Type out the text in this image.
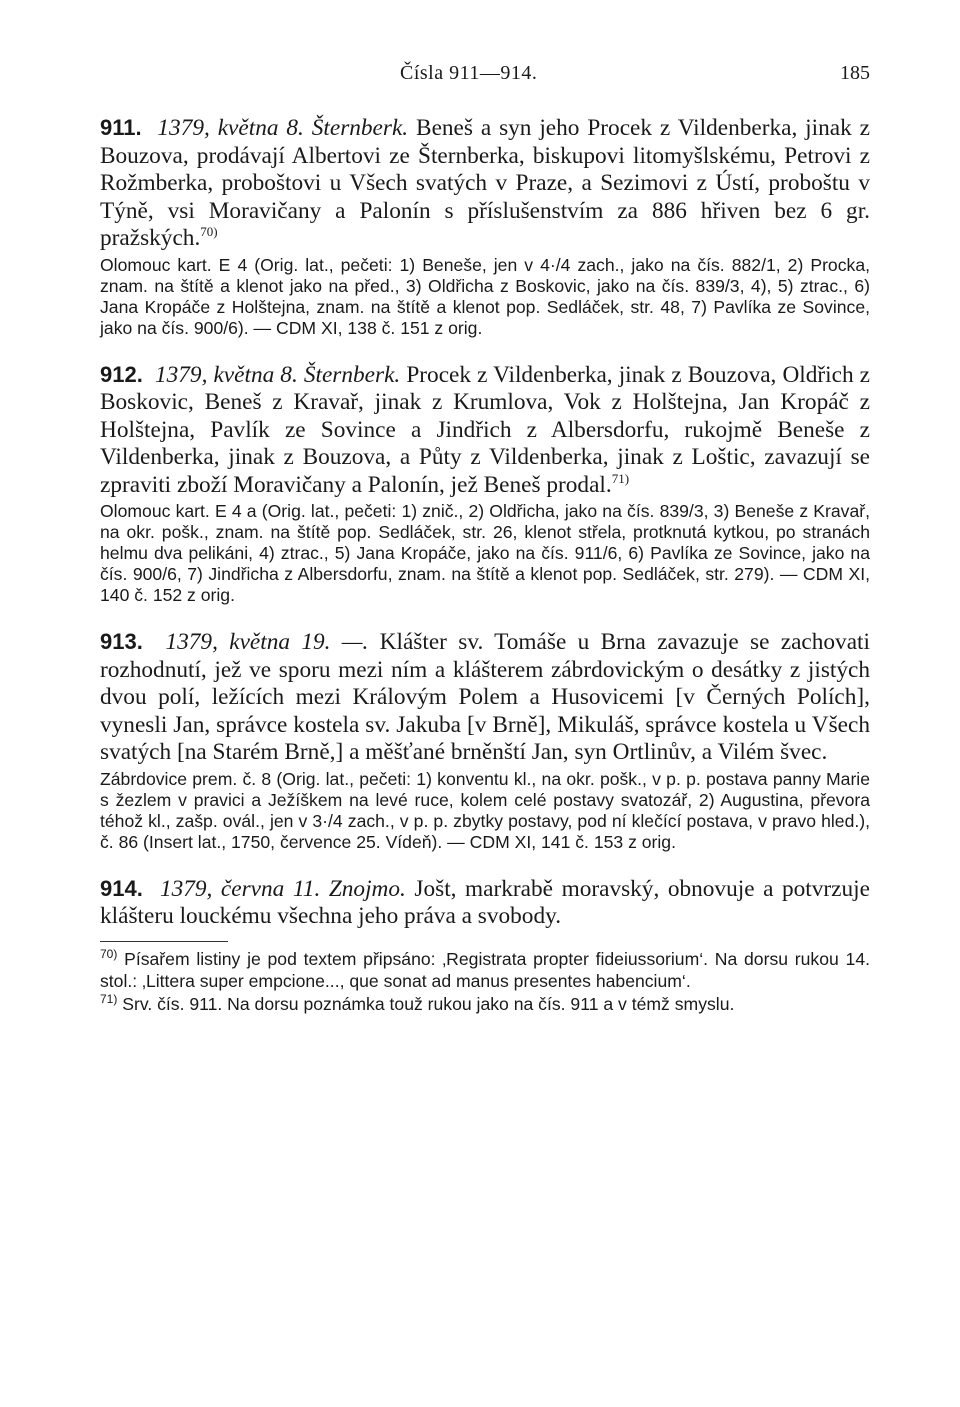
Čísla 911—914.	185

911. 1379, května 8. Šternberk. Beneš a syn jeho Procek z Vildenberka, jinak z Bouzova, prodávají Albertovi ze Šternberka, biskupovi litomyšlskému, Petrovi z Rožmberka, proboštovi u Všech svatých v Praze, a Sezimovi z Ústí, proboštu v Týně, vsi Moravičany a Palonín s příslušenstvím za 886 hřiven bez 6 gr. pražských.$^{70)}$

Olomouc kart. E 4 (Orig. lat., pečeti: 1) Beneše, jen v 4·/4 zach., jako na čís. 882/1, 2) Procka, znam. na štítě a klenot jako na před., 3) Oldřicha z Boskovic, jako na čís. 839/3, 4), 5) ztrac., 6) Jana Kropáče z Holštejna, znam. na štítě a klenot pop. Sedláček, str. 48, 7) Pavlíka ze Sovince, jako na čís. 900/6). — CDM XI, 138 č. 151 z orig.

912. 1379, května 8. Šternberk. Procek z Vildenberka, jinak z Bouzova, Oldřich z Boskovic, Beneš z Kravař, jinak z Krumlova, Vok z Holštejna, Jan Kropáč z Holštejna, Pavlík ze Sovince a Jindřich z Albersdorfu, rukojmě Beneše z Vildenberka, jinak z Bouzova, a Půty z Vildenberka, jinak z Loštic, zavazují se zpraviti zboží Moravičany a Palonín, jež Beneš prodal.$^{71)}$

Olomouc kart. E 4 a (Orig. lat., pečeti: 1) znič., 2) Oldřicha, jako na čís. 839/3, 3) Beneše z Kravař, na okr. pošk., znam. na štítě pop. Sedláček, str. 26, klenot střela, protknutá kytkou, po stranách helmu dva pelikáni, 4) ztrac., 5) Jana Kropáče, jako na čís. 911/6, 6) Pavlíka ze Sovince, jako na čís. 900/6, 7) Jindřicha z Albersdorfu, znam. na štítě a klenot pop. Sedláček, str. 279). — CDM XI, 140 č. 152 z orig.

913. 1379, května 19. —. Klášter sv. Tomáše u Brna zavazuje se zachovati rozhodnutí, jež ve sporu mezi ním a klášterem zábrdovickým o desátky z jistých dvou polí, ležících mezi Královým Polem a Husovicemi [v Černých Polích], vynesli Jan, správce kostela sv. Jakuba [v Brně], Mikuláš, správce kostela u Všech svatých [na Starém Brně,] a měšťané brněnští Jan, syn Ortlinův, a Vilém švec.

Zábrdovice prem. č. 8 (Orig. lat., pečeti: 1) konventu kl., na okr. pošk., v p. p. postava panny Marie s žezlem v pravici a Ježíškem na levé ruce, kolem celé postavy svatozář, 2) Augustina, převora téhož kl., zašp. ovál., jen v 3·/4 zach., v p. p. zbytky postavy, pod ní klečící postava, v pravo hled.), č. 86 (Insert lat., 1750, července 25. Vídeň). — CDM XI, 141 č. 153 z orig.

914. 1379, června 11. Znojmo. Jošt, markrabě moravský, obnovuje a potvrzuje klášteru louckému všechna jeho práva a svobody.

$^{70)}$ Písařem listiny je pod textem připsáno: ‚Registrata propter fideiussorium‘. Na dorsu rukou 14. stol.: ‚Littera super empcione..., que sonat ad manus presentes habencium‘.

$^{71)}$ Srv. čís. 911. Na dorsu poznámka touž rukou jako na čís. 911 a v témž smyslu.
